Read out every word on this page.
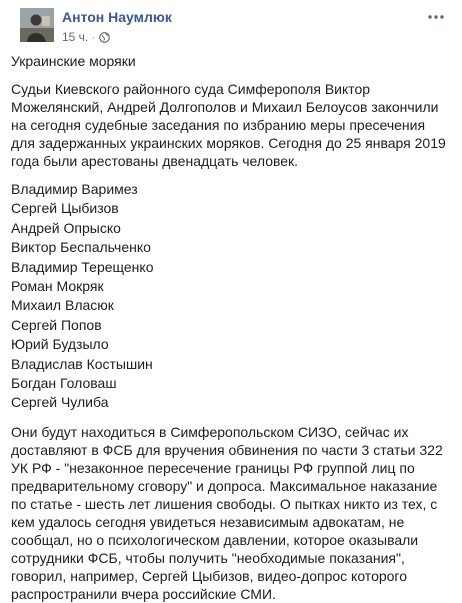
Антон Наумлюк
15 ч. ·

Украинские моряки

Судьи Киевского районного суда Симферополя Виктор Можелянский, Андрей Долгополов и Михаил Белоусов закончили на сегодня судебные заседания по избранию меры пресечения для задержанных украинских моряков. Сегодня до 25 января 2019 года были арестованы двенадцать человек.

Владимир Варимез
Сергей Цыбизов
Андрей Опрыско
Виктор Беспальченко
Владимир Терещенко
Роман Мокряк
Михаил Власюк
Сергей Попов
Юрий Будзыло
Владислав Костышин
Богдан Головаш
Сергей Чулиба

Они будут находиться в Симферопольском СИЗО, сейчас их доставляют в ФСБ для вручения обвинения по части 3 статьи 322 УК РФ - "незаконное пересечение границы РФ группой лиц по предварительному сговору" и допроса. Максимальное наказание по статье - шесть лет лишения свободы. О пытках никто из тех, с кем удалось сегодня увидеться независимым адвокатам, не сообщал, но о психологическом давлении, которое оказывали сотрудники ФСБ, чтобы получить "необходимые показания", говорил, например, Сергей Цыбизов, видео-допрос которого распространили вчера российские СМИ.
